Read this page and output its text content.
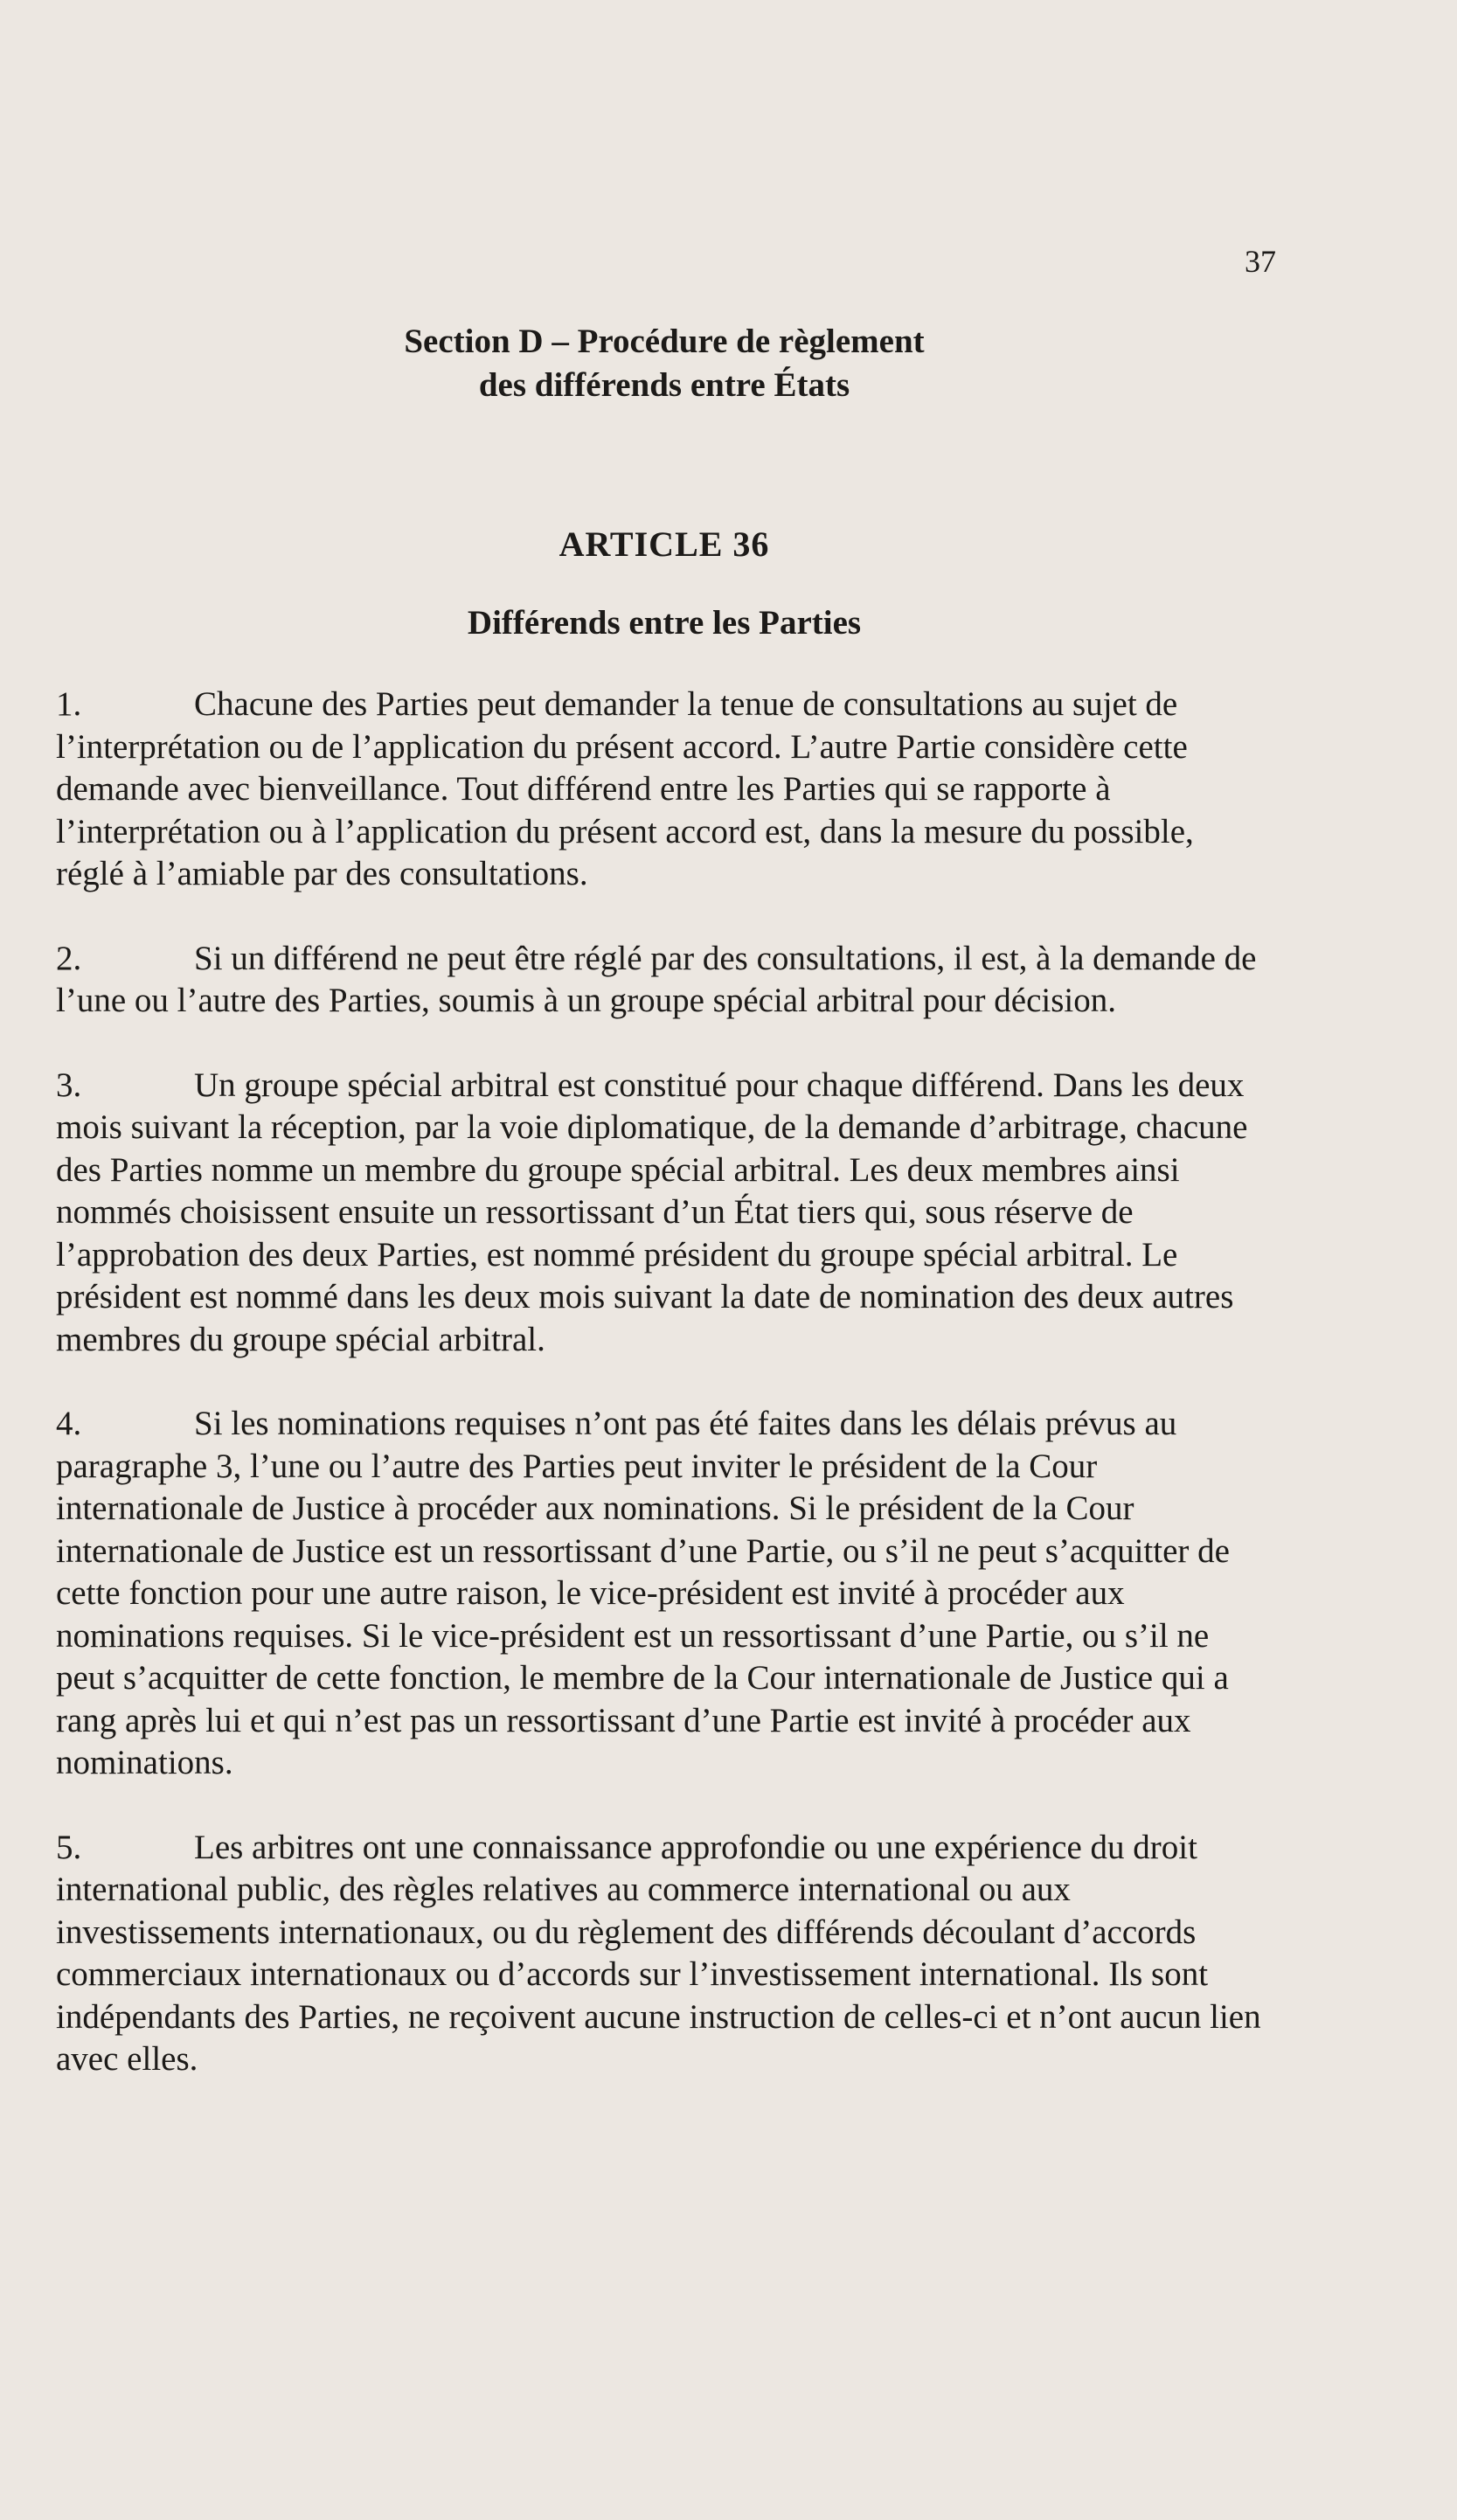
37
Section D – Procédure de règlement
des différends entre États
ARTICLE 36
Différends entre les Parties

1.	Chacune des Parties peut demander la tenue de consultations au sujet de l’interprétation ou de l’application du présent accord. L’autre Partie considère cette demande avec bienveillance. Tout différend entre les Parties qui se rapporte à l’interprétation ou à l’application du présent accord est, dans la mesure du possible, réglé à l’amiable par des consultations.

2.	Si un différend ne peut être réglé par des consultations, il est, à la demande de l’une ou l’autre des Parties, soumis à un groupe spécial arbitral pour décision.

3.	Un groupe spécial arbitral est constitué pour chaque différend. Dans les deux mois suivant la réception, par la voie diplomatique, de la demande d’arbitrage, chacune des Parties nomme un membre du groupe spécial arbitral. Les deux membres ainsi nommés choisissent ensuite un ressortissant d’un État tiers qui, sous réserve de l’approbation des deux Parties, est nommé président du groupe spécial arbitral. Le président est nommé dans les deux mois suivant la date de nomination des deux autres membres du groupe spécial arbitral.

4.	Si les nominations requises n’ont pas été faites dans les délais prévus au paragraphe 3, l’une ou l’autre des Parties peut inviter le président de la Cour internationale de Justice à procéder aux nominations. Si le président de la Cour internationale de Justice est un ressortissant d’une Partie, ou s’il ne peut s’acquitter de cette fonction pour une autre raison, le vice-président est invité à procéder aux nominations requises. Si le vice-président est un ressortissant d’une Partie, ou s’il ne peut s’acquitter de cette fonction, le membre de la Cour internationale de Justice qui a rang après lui et qui n’est pas un ressortissant d’une Partie est invité à procéder aux nominations.

5.	Les arbitres ont une connaissance approfondie ou une expérience du droit international public, des règles relatives au commerce international ou aux investissements internationaux, ou du règlement des différends découlant d’accords commerciaux internationaux ou d’accords sur l’investissement international. Ils sont indépendants des Parties, ne reçoivent aucune instruction de celles-ci et n’ont aucun lien avec elles.
